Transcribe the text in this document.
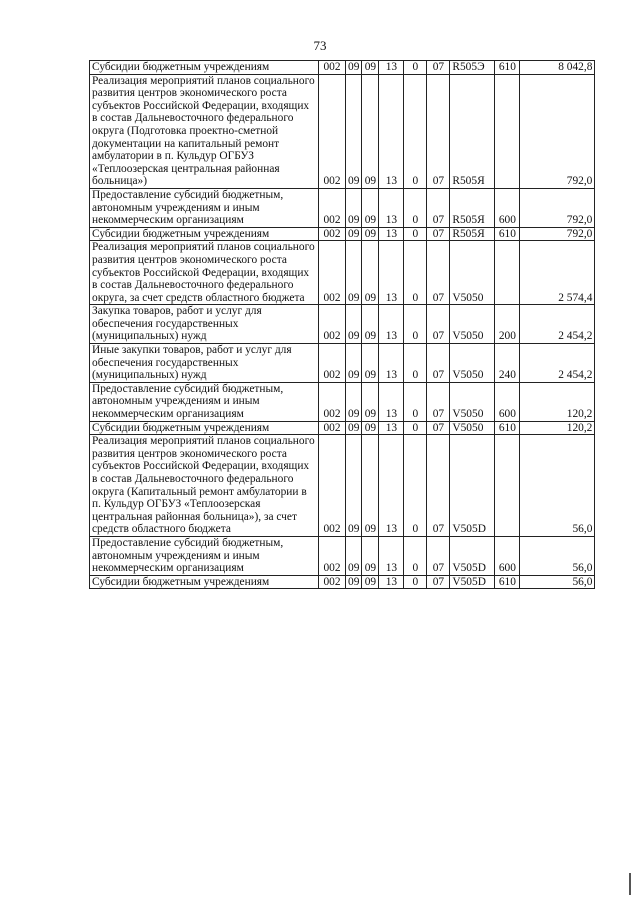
73
Субсидии бюджетным учреждениям	002	09	09	13	0	07	R505Э	610	8 042,8
Реализация мероприятий планов социального развития центров экономического роста субъектов Российской Федерации, входящих в состав Дальневосточного федерального округа (Подготовка проектно-сметной документации на капитальный ремонт амбулатории в п. Кульдур ОГБУЗ «Теплоозерская центральная районная больница»)	002	09	09	13	0	07	R505Я		792,0
Предоставление субсидий бюджетным, автономным учреждениям и иным некоммерческим организациям	002	09	09	13	0	07	R505Я	600	792,0
Субсидии бюджетным учреждениям	002	09	09	13	0	07	R505Я	610	792,0
Реализация мероприятий планов социального развития центров экономического роста субъектов Российской Федерации, входящих в состав Дальневосточного федерального округа, за счет средств областного бюджета	002	09	09	13	0	07	V5050		2 574,4
Закупка товаров, работ и услуг для обеспечения государственных (муниципальных) нужд	002	09	09	13	0	07	V5050	200	2 454,2
Иные закупки товаров, работ и услуг для обеспечения государственных (муниципальных) нужд	002	09	09	13	0	07	V5050	240	2 454,2
Предоставление субсидий бюджетным, автономным учреждениям и иным некоммерческим организациям	002	09	09	13	0	07	V5050	600	120,2
Субсидии бюджетным учреждениям	002	09	09	13	0	07	V5050	610	120,2
Реализация мероприятий планов социального развития центров экономического роста субъектов Российской Федерации, входящих в состав Дальневосточного федерального округа (Капитальный ремонт амбулатории в п. Кульдур ОГБУЗ «Теплоозерская центральная районная больница»), за счет средств областного бюджета	002	09	09	13	0	07	V505D		56,0
Предоставление субсидий бюджетным, автономным учреждениям и иным некоммерческим организациям	002	09	09	13	0	07	V505D	600	56,0
Субсидии бюджетным учреждениям	002	09	09	13	0	07	V505D	610	56,0
